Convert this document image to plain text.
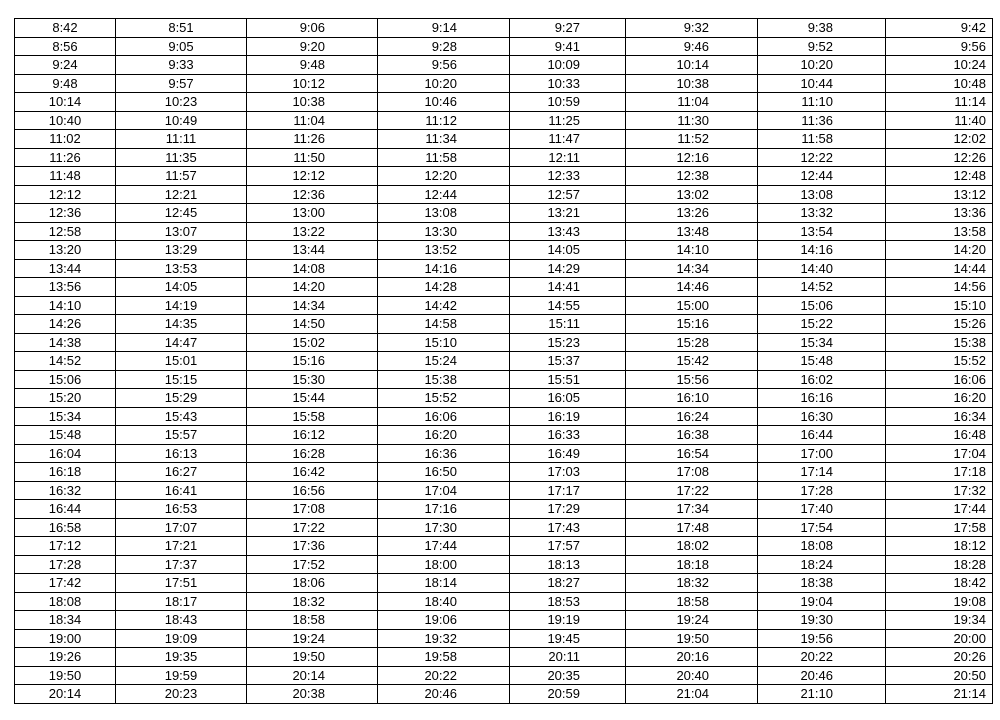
8:42	8:51	9:06	9:14	9:27	9:32	9:38	9:42
8:56	9:05	9:20	9:28	9:41	9:46	9:52	9:56
9:24	9:33	9:48	9:56	10:09	10:14	10:20	10:24
9:48	9:57	10:12	10:20	10:33	10:38	10:44	10:48
10:14	10:23	10:38	10:46	10:59	11:04	11:10	11:14
10:40	10:49	11:04	11:12	11:25	11:30	11:36	11:40
11:02	11:11	11:26	11:34	11:47	11:52	11:58	12:02
11:26	11:35	11:50	11:58	12:11	12:16	12:22	12:26
11:48	11:57	12:12	12:20	12:33	12:38	12:44	12:48
12:12	12:21	12:36	12:44	12:57	13:02	13:08	13:12
12:36	12:45	13:00	13:08	13:21	13:26	13:32	13:36
12:58	13:07	13:22	13:30	13:43	13:48	13:54	13:58
13:20	13:29	13:44	13:52	14:05	14:10	14:16	14:20
13:44	13:53	14:08	14:16	14:29	14:34	14:40	14:44
13:56	14:05	14:20	14:28	14:41	14:46	14:52	14:56
14:10	14:19	14:34	14:42	14:55	15:00	15:06	15:10
14:26	14:35	14:50	14:58	15:11	15:16	15:22	15:26
14:38	14:47	15:02	15:10	15:23	15:28	15:34	15:38
14:52	15:01	15:16	15:24	15:37	15:42	15:48	15:52
15:06	15:15	15:30	15:38	15:51	15:56	16:02	16:06
15:20	15:29	15:44	15:52	16:05	16:10	16:16	16:20
15:34	15:43	15:58	16:06	16:19	16:24	16:30	16:34
15:48	15:57	16:12	16:20	16:33	16:38	16:44	16:48
16:04	16:13	16:28	16:36	16:49	16:54	17:00	17:04
16:18	16:27	16:42	16:50	17:03	17:08	17:14	17:18
16:32	16:41	16:56	17:04	17:17	17:22	17:28	17:32
16:44	16:53	17:08	17:16	17:29	17:34	17:40	17:44
16:58	17:07	17:22	17:30	17:43	17:48	17:54	17:58
17:12	17:21	17:36	17:44	17:57	18:02	18:08	18:12
17:28	17:37	17:52	18:00	18:13	18:18	18:24	18:28
17:42	17:51	18:06	18:14	18:27	18:32	18:38	18:42
18:08	18:17	18:32	18:40	18:53	18:58	19:04	19:08
18:34	18:43	18:58	19:06	19:19	19:24	19:30	19:34
19:00	19:09	19:24	19:32	19:45	19:50	19:56	20:00
19:26	19:35	19:50	19:58	20:11	20:16	20:22	20:26
19:50	19:59	20:14	20:22	20:35	20:40	20:46	20:50
20:14	20:23	20:38	20:46	20:59	21:04	21:10	21:14
